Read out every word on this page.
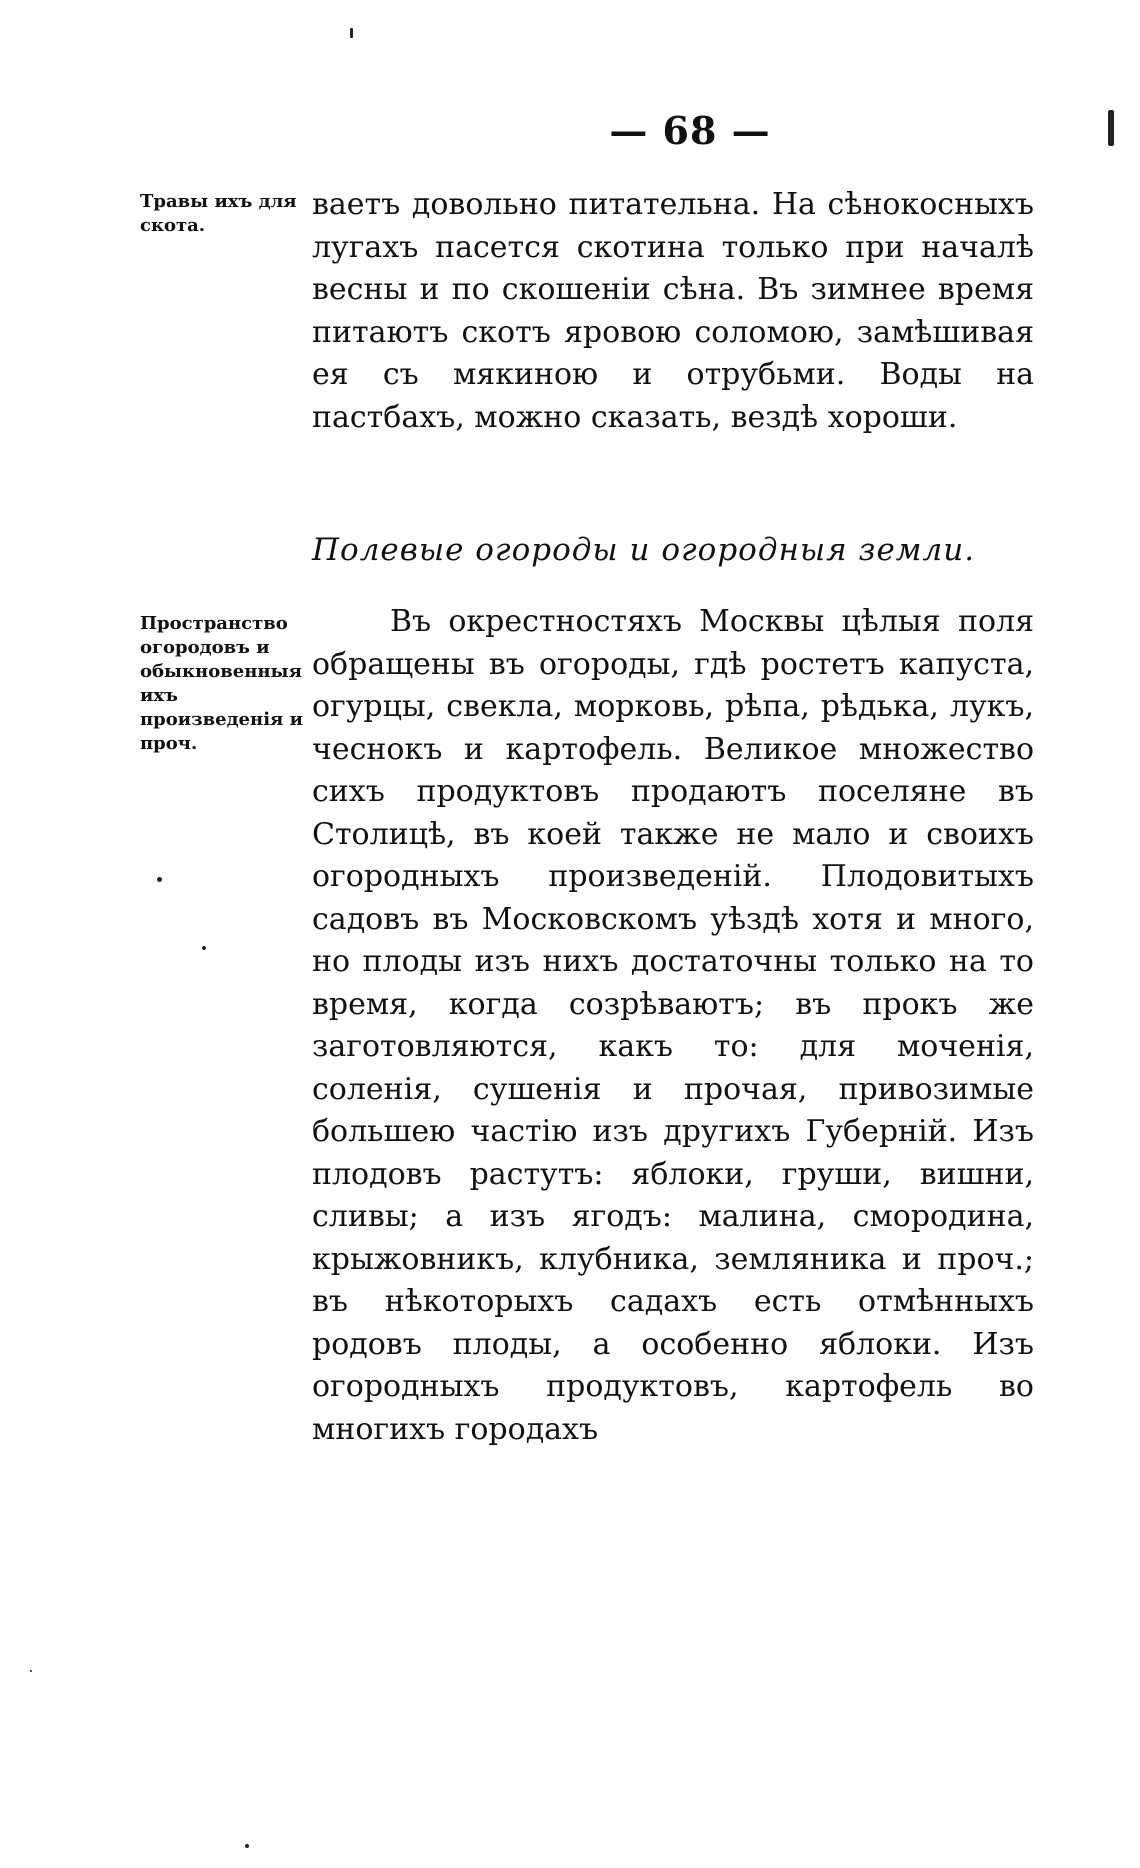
— 68 —
Травы ихъ для скота.
ваетъ довольно питательна. На сѣнокосныхъ лугахъ пасется скотина только при началѣ весны и по скошеніи сѣна. Въ зимнее время питаютъ скотъ яровою соломою, замѣшивая ея съ мякиною и отрубьми. Воды на пастбахъ, можно сказать, вездѣ хороши.
Полевые огороды и огородныя земли.
Пространство огородовъ и обыкновенныя ихъ произведенія и проч.
Въ окрестностяхъ Москвы цѣлыя поля обращены въ огороды, гдѣ ростетъ капуста, огурцы, свекла, морковь, рѣпа, рѣдька, лукъ, чеснокъ и картофель. Великое множество сихъ продуктовъ продаютъ поселяне въ Столицѣ, въ коей также не мало и своихъ огородныхъ произведеній. Плодовитыхъ садовъ въ Московскомъ уѣздѣ хотя и много, но плоды изъ нихъ достаточны только на то время, когда созрѣваютъ; въ прокъ же заготовляются, какъ то: для моченія, соленія, сушенія и прочая, привозимые большею частію изъ другихъ Губерній. Изъ плодовъ растутъ: яблоки, груши, вишни, сливы; а изъ ягодъ: малина, смородина, крыжовникъ, клубника, земляника и проч.; въ нѣкоторыхъ садахъ есть отмѣнныхъ родовъ плоды, а особенно яблоки. Изъ огородныхъ продуктовъ, картофель во многихъ городахъ
